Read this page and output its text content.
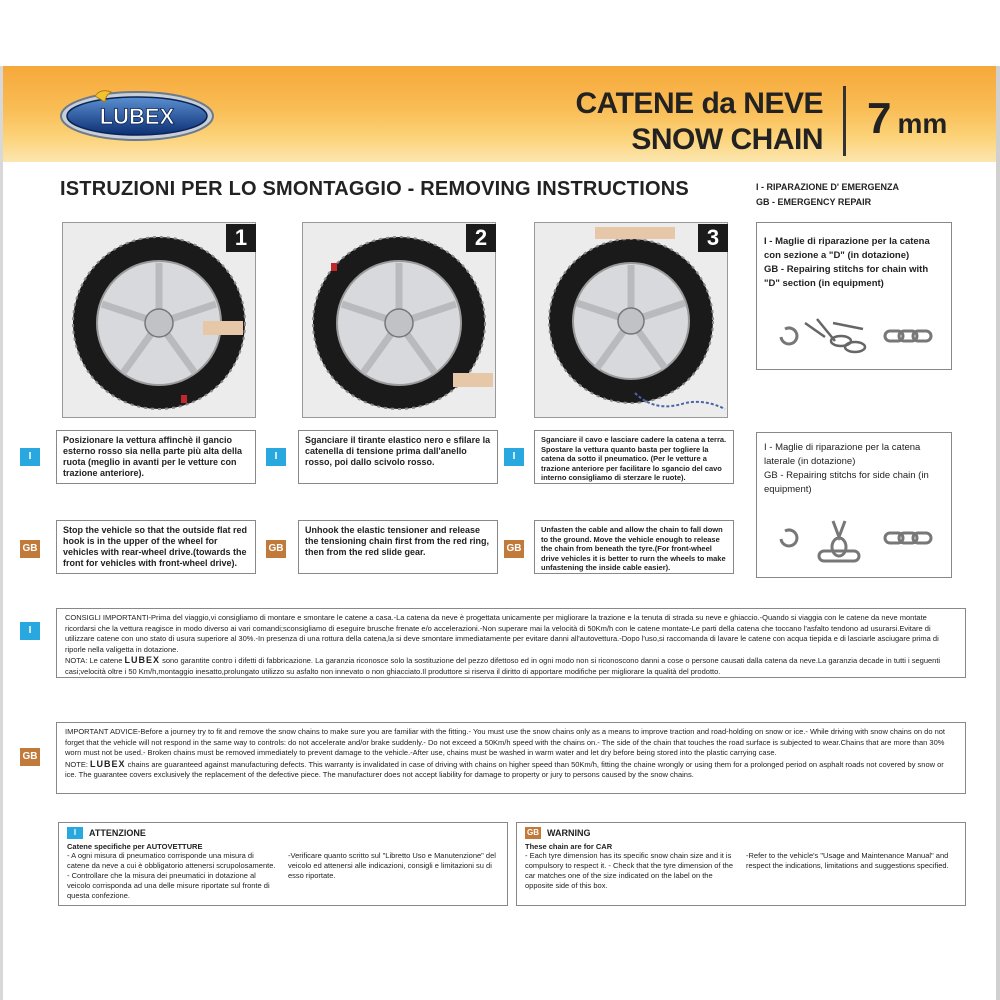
LUBEX	CATENE da NEVE
SNOW CHAIN 7 mm
ISTRUZIONI PER LO SMONTAGGIO - REMOVING INSTRUCTIONS	I - RIPARAZIONE D' EMERGENZA
GB - EMERGENCY REPAIR
1	2	3	I - Maglie di riparazione per la catena con sezione a "D" (in dotazione)
GB - Repairing stitchs for chain with "D" section (in equipment)
I - Maglie di riparazione per la catena laterale (in dotazione)
GB - Repairing stitchs for side chain (in equipment)
I
Posizionare la vettura affinchè il gancio esterno rosso sia nella parte più alta della ruota (meglio in avanti per le vetture con trazione anteriore).
I
Sganciare il tirante elastico nero e sfilare la catenella di tensione prima dall'anello rosso, poi dallo scivolo rosso.	I
Sganciare il cavo e lasciare cadere la catena a terra. Spostare la vettura quanto basta per togliere la catena da sotto il pneumatico. (Per le vetture a trazione anteriore per facilitare lo sgancio del cavo interno consigliamo di sterzare le ruote).
GB
Stop the vehicle so that the outside flat red hook is in the upper of the wheel for vehicles with rear-wheel drive.(towards the front for vehicles with front-wheel drive).
GB
Unhook the elastic tensioner and release the tensioning chain first from the red ring, then from the red slide gear.	GB
Unfasten the cable and allow the chain to fall down to the ground. Move the vehicle enough to release the chain from beneath the tyre.(For front-wheel drive vehicles it is better to rurn the wheels to make unfastening the inside cable easier).
I

CONSIGLI IMPORTANTI-Prima del viaggio,vi consigliamo di montare e smontare le catene a casa.-La catena da neve è progettata unicamente per migliorare la trazione e la tenuta di strada su neve e ghiaccio.-Quando si viaggia con le catene da neve montate ricordarsi che la vettura reagisce in modo diverso ai vari comandi;sconsigliamo di eseguire brusche frenate e/o accelerazioni.-Non superare mai la velocità di 50Km/h con le catene montate-Le parti della catena che toccano l'asfalto tendono ad usurarsi.Evitare di utilizzare catene con uno stato di usura superiore al 30%.-In presenza di una rottura della catena,la si deve smontare immediatamente per evitare danni all'autovettura.-Dopo l'uso,si raccomanda di lavare le catene con acqua tiepida e di lasciarle asciugare prima di riporle nella valigetta in dotazione.

NOTA: Le catene LUBEX sono garantite contro i difetti di fabbricazione. La garanzia riconosce solo la sostituzione del pezzo difettoso ed in ogni modo non si riconoscono danni a cose o persone causati dalla catena da neve.La garanzia decade in tutti i seguenti casi;velocità oltre i 50 Km/h,montaggio inesatto,prolungato utilizzo su asfalto non innevato o non ghiacciato.Il produttore si riserva il diritto di apportare modifiche per migliorare la qualità del prodotto.

GB

IMPORTANT ADVICE-Before a journey try to fit and remove the snow chains to make sure you are familiar with the fitting.- You must use the snow chains only as a means to improve traction and road-holding on snow or ice.- While driving with snow chains on do not forget that the vehicle will not respond in the same way to controls: do not accelerate and/or brake suddenly.- Do not exceed a 50Km/h speed with the chains on.- The side of the chain that touches the road surface is subjected to wear.Chains that are more than 30% worn must not be used.- Broken chains must be removed immediately to prevent damage to the vehicle.-After use, chains must be washed in warm water and let dry before being stored into the plastic carrying case.

NOTE: LUBEX chains are guaranteed against manufacturing defects. This warranty is invalidated in case of driving with chains on higher speed than 50Km/h, fitting the chaine wrongly or using them for a prolonged period on asphalt roads not covered by snow or ice. The guarantee covers exclusively the replacement of the defective piece. The manufacturer does not accept liability for damage to property or jury to persons caused by the snow chains.

I	ATTENZIONE
Catene specifiche per AUTOVETTURE
- A ogni misura di pneumatico corrisponde una misura di catene da neve a cui è obbligatorio attenersi scrupolosamente. - Controllare che la misura dei pneumatici in dotazione al veicolo corrisponda ad una delle misure riportate sul fronte di questa confezione.
-Verificare quanto scritto sul "Libretto Uso e Manutenzione" del veicolo ed attenersi alle indicazioni, consigli e limitazioni su di esso riportate.
GB WARNING
These chain are for CAR
- Each tyre dimension has its specific snow chain size and it is compulsory to respect it. - Check that the tyre dimension of the car matches one of the size indicated on the label on the opposite side of this box.
-Refer to the vehicle's "Usage and Maintenance Manual" and respect the indications, limitations and suggestions specified.
